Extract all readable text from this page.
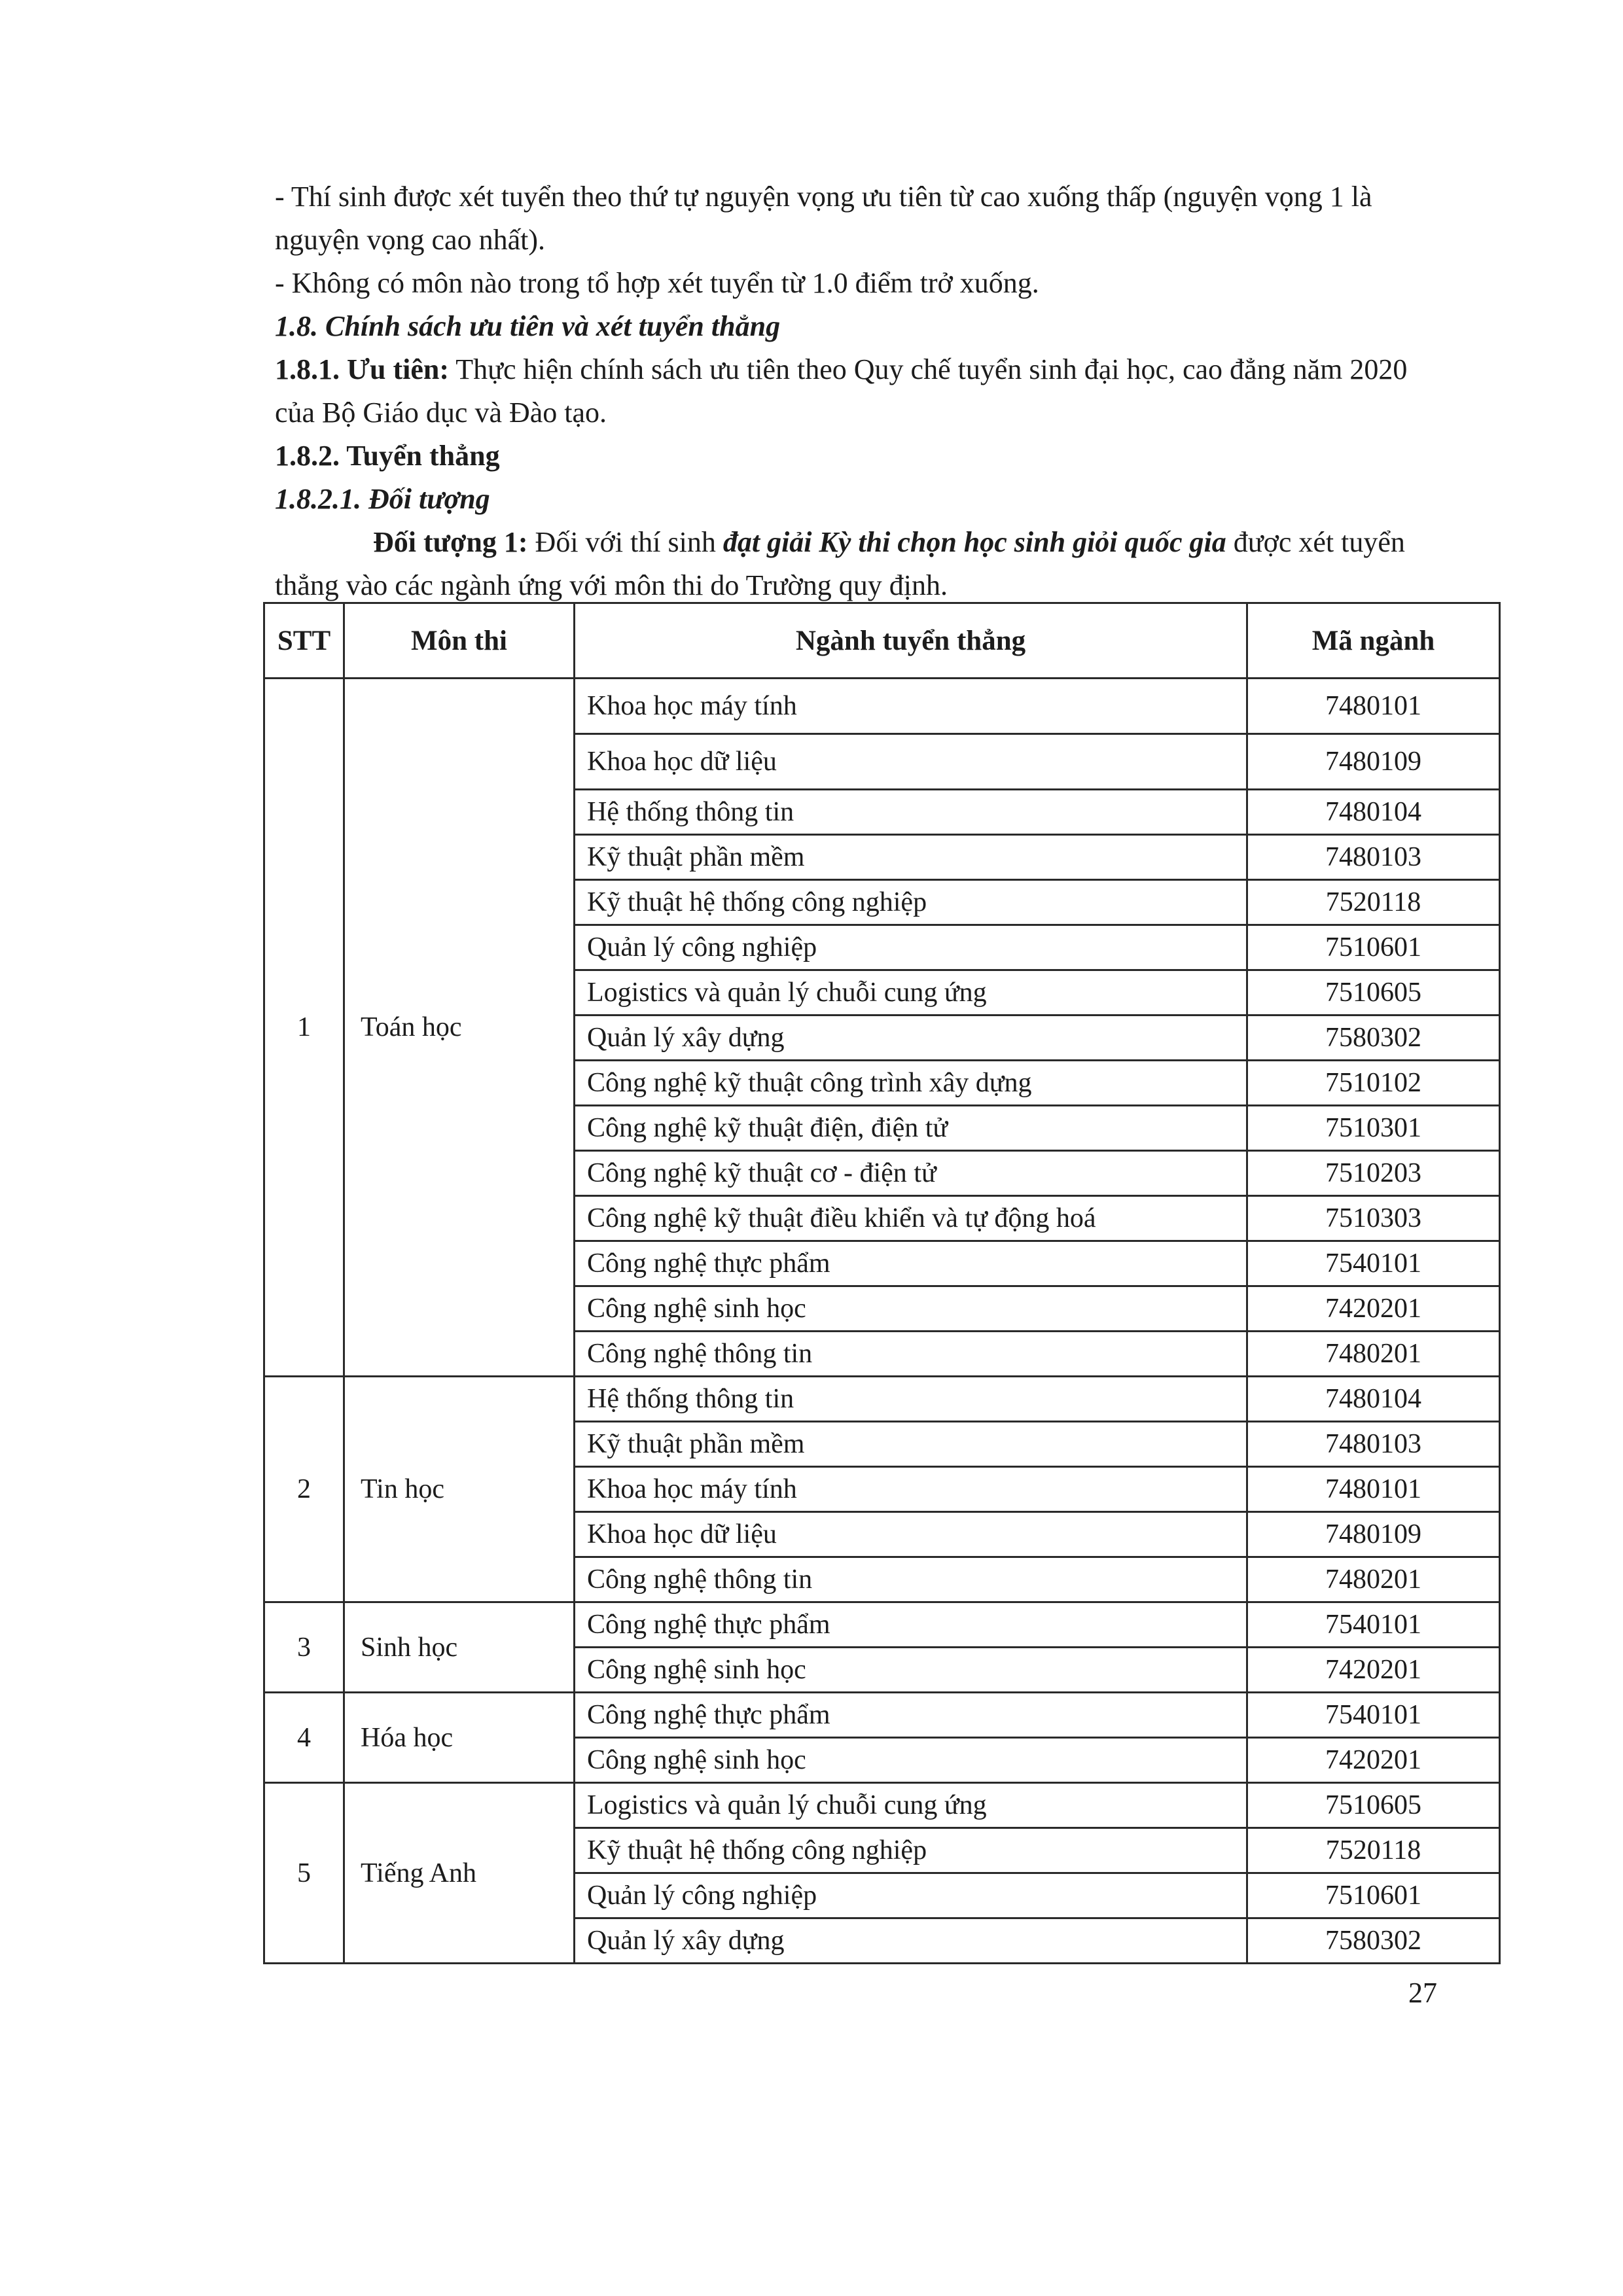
- Thí sinh được xét tuyển theo thứ tự nguyện vọng ưu tiên từ cao xuống thấp (nguyện vọng 1 là nguyện vọng cao nhất).

- Không có môn nào trong tổ hợp xét tuyển từ 1.0 điểm trở xuống.

1.8. Chính sách ưu tiên và xét tuyển thẳng

1.8.1. Ưu tiên: Thực hiện chính sách ưu tiên theo Quy chế tuyển sinh đại học, cao đẳng năm 2020 của Bộ Giáo dục và Đào tạo.

1.8.2. Tuyển thẳng

1.8.2.1. Đối tượng

Đối tượng 1: Đối với thí sinh đạt giải Kỳ thi chọn học sinh giỏi quốc gia được xét tuyển thẳng vào các ngành ứng với môn thi do Trường quy định.

STT	Môn thi	Ngành tuyển thẳng	Mã ngành
1	Toán học	Khoa học máy tính	7480101
		Khoa học dữ liệu	7480109
		Hệ thống thông tin	7480104
		Kỹ thuật phần mềm	7480103
		Kỹ thuật hệ thống công nghiệp	7520118
		Quản lý công nghiệp	7510601
		Logistics và quản lý chuỗi cung ứng	7510605
		Quản lý xây dựng	7580302
		Công nghệ kỹ thuật công trình xây dựng	7510102
		Công nghệ kỹ thuật điện, điện tử	7510301
		Công nghệ kỹ thuật cơ - điện tử	7510203
		Công nghệ kỹ thuật điều khiển và tự động hoá	7510303
		Công nghệ thực phẩm	7540101
		Công nghệ sinh học	7420201
		Công nghệ thông tin	7480201
2	Tin học	Hệ thống thông tin	7480104
		Kỹ thuật phần mềm	7480103
		Khoa học máy tính	7480101
		Khoa học dữ liệu	7480109
		Công nghệ thông tin	7480201
3	Sinh học	Công nghệ thực phẩm	7540101
		Công nghệ sinh học	7420201
4	Hóa học	Công nghệ thực phẩm	7540101
		Công nghệ sinh học	7420201
5	Tiếng Anh	Logistics và quản lý chuỗi cung ứng	7510605
		Kỹ thuật hệ thống công nghiệp	7520118
		Quản lý công nghiệp	7510601
		Quản lý xây dựng	7580302
27
